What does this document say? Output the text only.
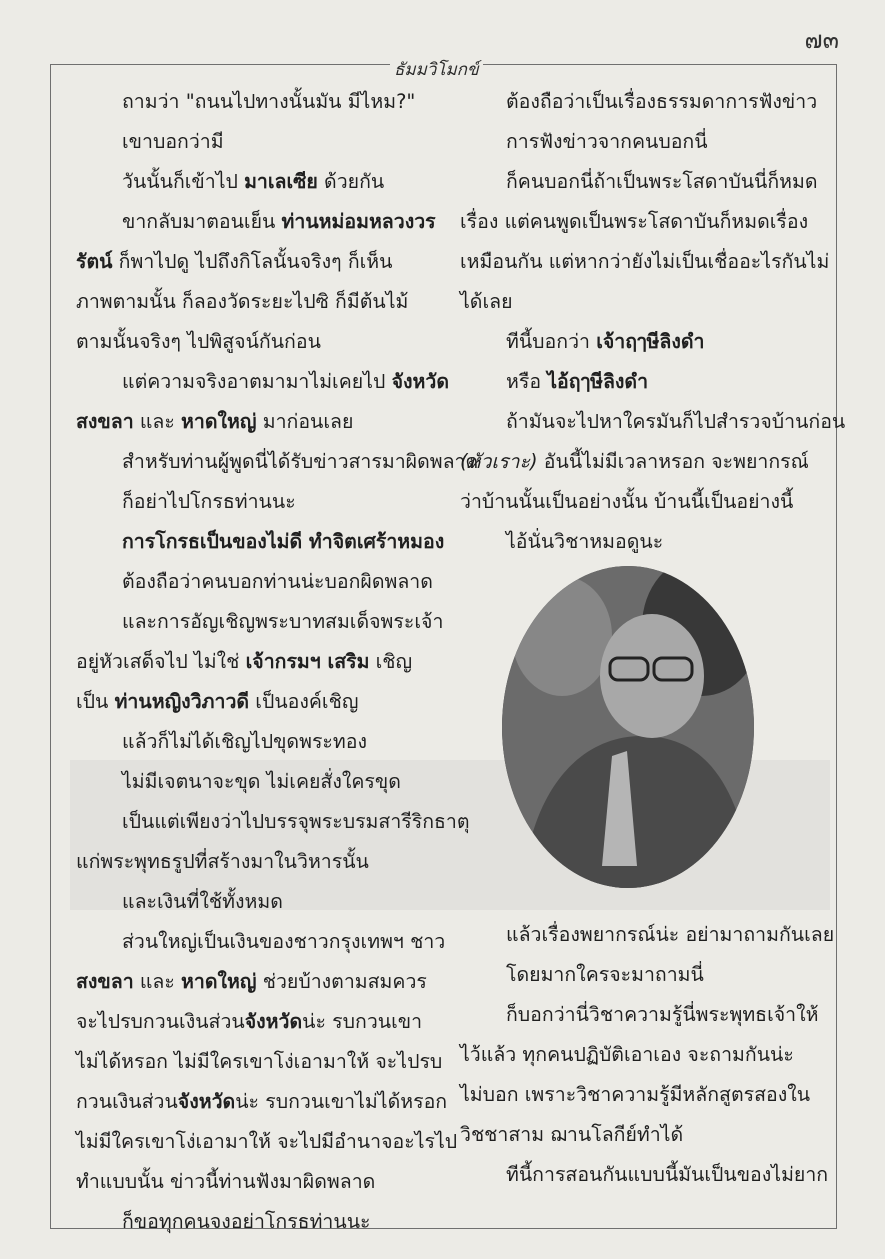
๗๓
ธัมมวิโมกข์
ถามว่า "ถนนไปทางนั้นมัน มีไหม?"
เขาบอกว่ามี
วันนั้นก็เข้าไป มาเลเซีย ด้วยกัน
ขากลับมาตอนเย็น ท่านหม่อมหลวงวร
รัตน์ ก็พาไปดู ไปถึงกิโลนั้นจริงๆ ก็เห็น
ภาพตามนั้น ก็ลองวัดระยะไปซิ ก็มีต้นไม้
ตามนั้นจริงๆ ไปพิสูจน์กันก่อน
แต่ความจริงอาตมามาไม่เคยไป จังหวัด
สงขลา และ หาดใหญ่ มาก่อนเลย
สำหรับท่านผู้พูดนี่ได้รับข่าวสารมาผิดพลาด
ก็อย่าไปโกรธท่านนะ
การโกรธเป็นของไม่ดี ทำจิตเศร้าหมอง
ต้องถือว่าคนบอกท่านน่ะบอกผิดพลาด
และการอัญเชิญพระบาทสมเด็จพระเจ้า
อยู่หัวเสด็จไป ไม่ใช่ เจ้ากรมฯ เสริม เชิญ
เป็น ท่านหญิงวิภาวดี เป็นองค์เชิญ
แล้วก็ไม่ได้เชิญไปขุดพระทอง
ไม่มีเจตนาจะขุด ไม่เคยสั่งใครขุด
เป็นแต่เพียงว่าไปบรรจุพระบรมสารีริกธาตุ
แก่พระพุทธรูปที่สร้างมาในวิหารนั้น
และเงินที่ใช้ทั้งหมด
ส่วนใหญ่เป็นเงินของชาวกรุงเทพฯ ชาว
สงขลา และ หาดใหญ่ ช่วยบ้างตามสมควร
จะไปรบกวนเงินส่วนจังหวัดน่ะ รบกวนเขา
ไม่ได้หรอก ไม่มีใครเขาโง่เอามาให้ จะไปรบ
กวนเงินส่วนจังหวัดน่ะ รบกวนเขาไม่ได้หรอก
ไม่มีใครเขาโง่เอามาให้ จะไปมีอำนาจอะไรไป
ทำแบบนั้น ข่าวนี้ท่านฟังมาผิดพลาด
ก็ขอทุกคนจงอย่าโกรธท่านนะ
ต้องถือว่าเป็นเรื่องธรรมดาการฟังข่าว
การฟังข่าวจากคนบอกนี่
ก็คนบอกนี่ถ้าเป็นพระโสดาบันนี่ก็หมด
เรื่อง แต่คนพูดเป็นพระโสดาบันก็หมดเรื่อง
เหมือนกัน แต่หากว่ายังไม่เป็นเชื่ออะไรกันไม่
ได้เลย
ทีนี้บอกว่า เจ้าฤๅษีลิงดำ
หรือ ไอ้ฤๅษีลิงดำ
ถ้ามันจะไปหาใครมันก็ไปสำรวจบ้านก่อน
(หัวเราะ) อันนี้ไม่มีเวลาหรอก จะพยากรณ์
ว่าบ้านนั้นเป็นอย่างนั้น บ้านนี้เป็นอย่างนี้
ไอ้นั่นวิชาหมอดูนะ
แล้วเรื่องพยากรณ์น่ะ อย่ามาถามกันเลย
โดยมากใครจะมาถามนี่
ก็บอกว่านี่วิชาความรู้นี่พระพุทธเจ้าให้
ไว้แล้ว ทุกคนปฏิบัติเอาเอง จะถามกันน่ะ
ไม่บอก เพราะวิชาความรู้มีหลักสูตรสองใน
วิชชาสาม ฌานโลกีย์ทำได้
ทีนี้การสอนกันแบบนี้มันเป็นของไม่ยาก
